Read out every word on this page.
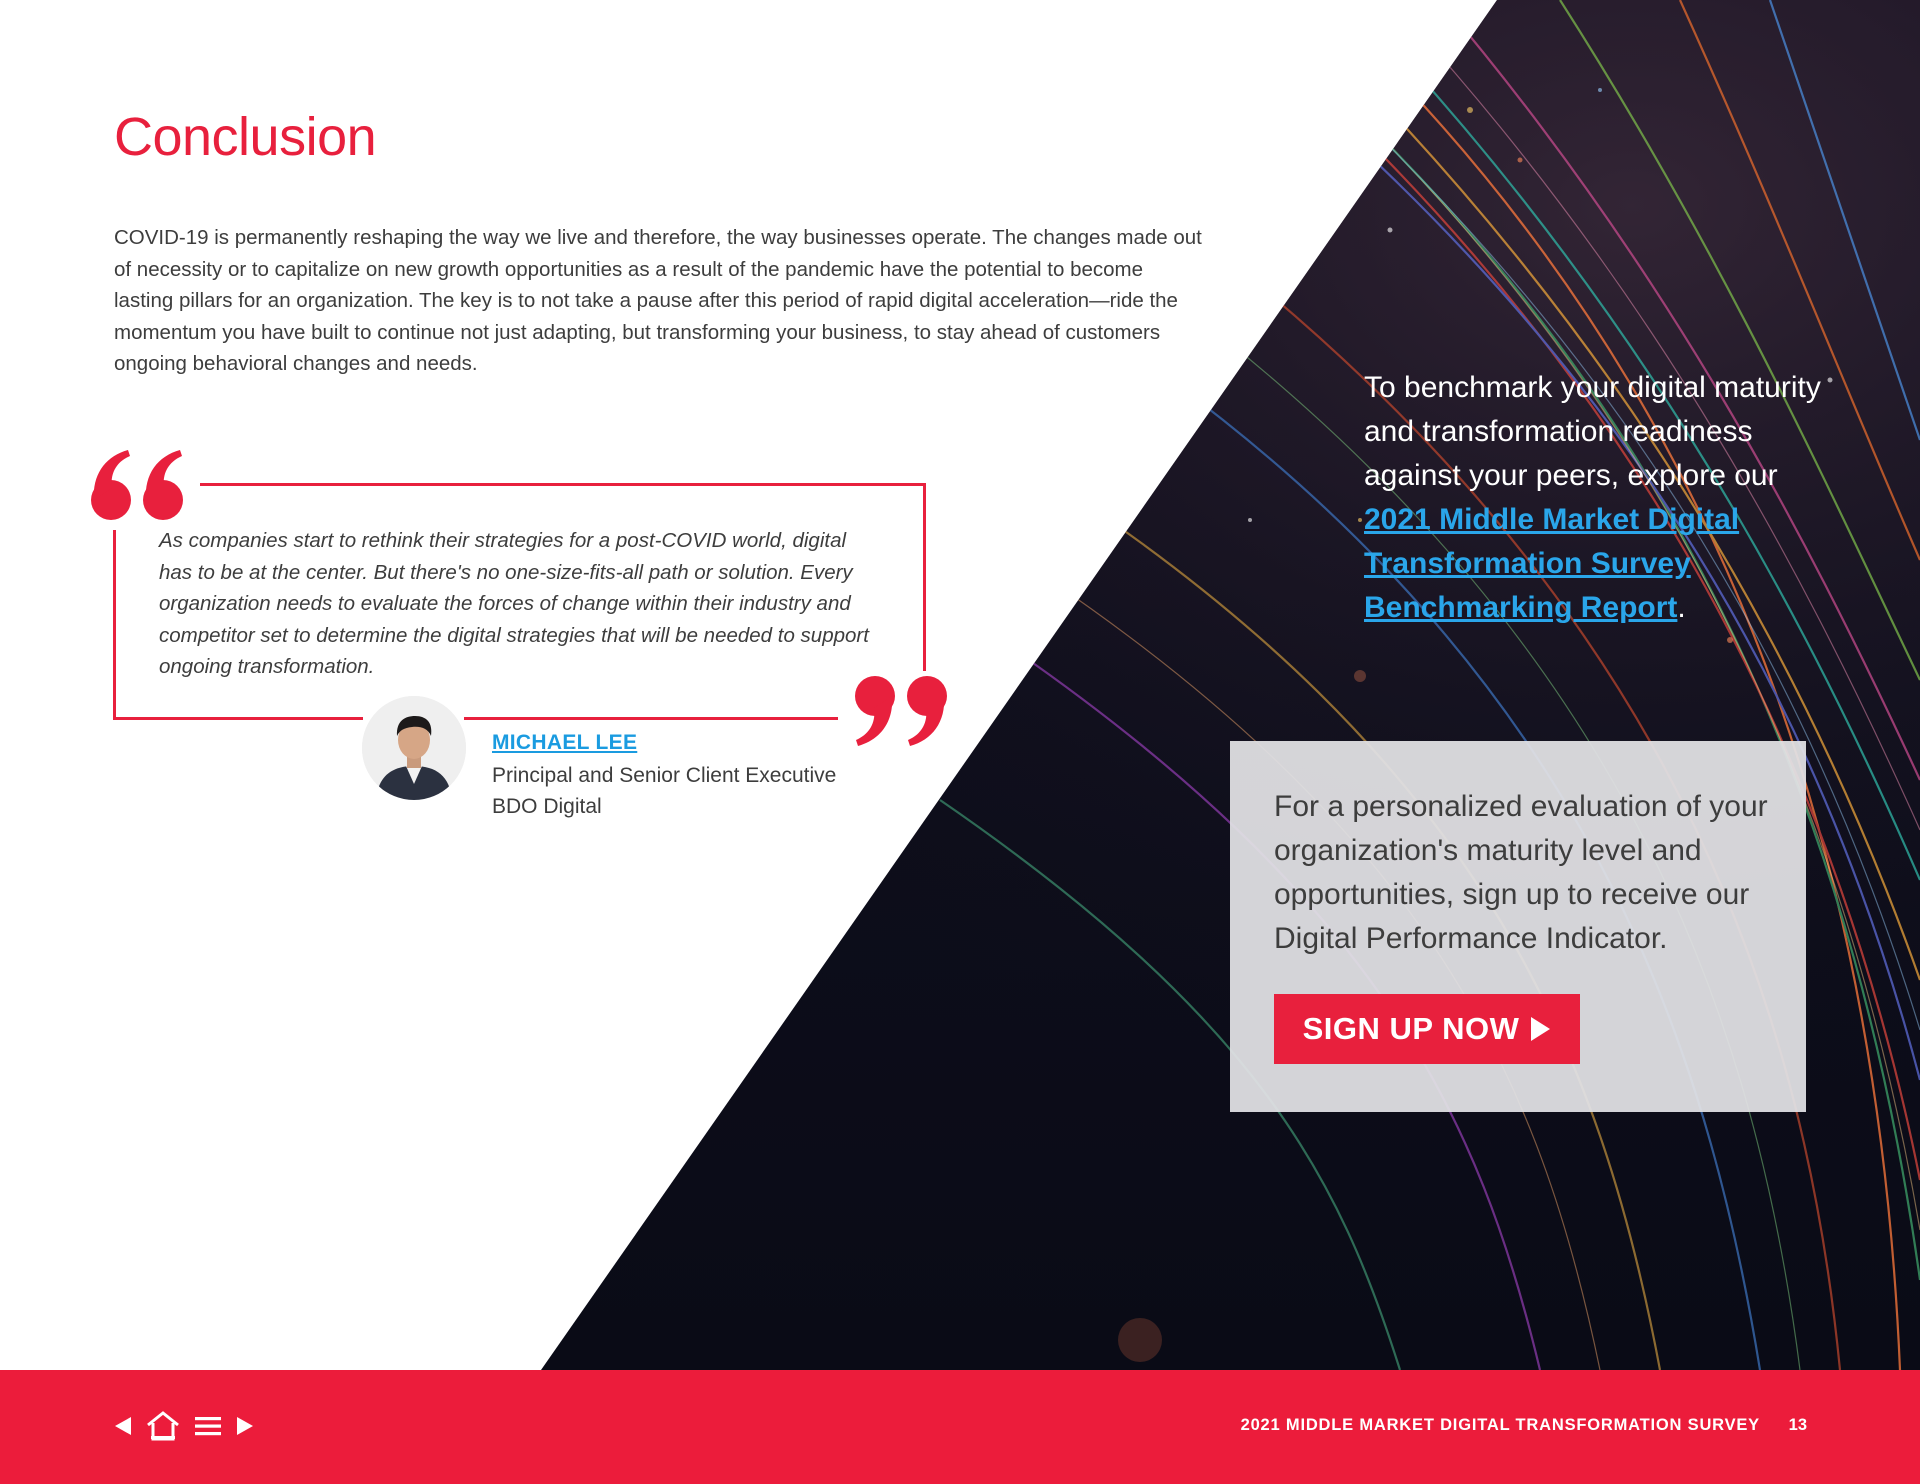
Conclusion

COVID-19 is permanently reshaping the way we live and therefore, the way businesses operate. The changes made out of necessity or to capitalize on new growth opportunities as a result of the pandemic have the potential to become lasting pillars for an organization. The key is to not take a pause after this period of rapid digital acceleration—ride the momentum you have built to continue not just adapting, but transforming your business, to stay ahead of customers ongoing behavioral changes and needs.

As companies start to rethink their strategies for a post-COVID world, digital has to be at the center. But there's no one-size-fits-all path or solution. Every organization needs to evaluate the forces of change within their industry and competitor set to determine the digital strategies that will be needed to support ongoing transformation.

MICHAEL LEE
Principal and Senior Client Executive
BDO Digital

To benchmark your digital maturity and transformation readiness against your peers, explore our 2021 Middle Market Digital Transformation Survey Benchmarking Report.

For a personalized evaluation of your organization's maturity level and opportunities, sign up to receive our Digital Performance Indicator.

SIGN UP NOW
2021 MIDDLE MARKET DIGITAL TRANSFORMATION SURVEY 13
